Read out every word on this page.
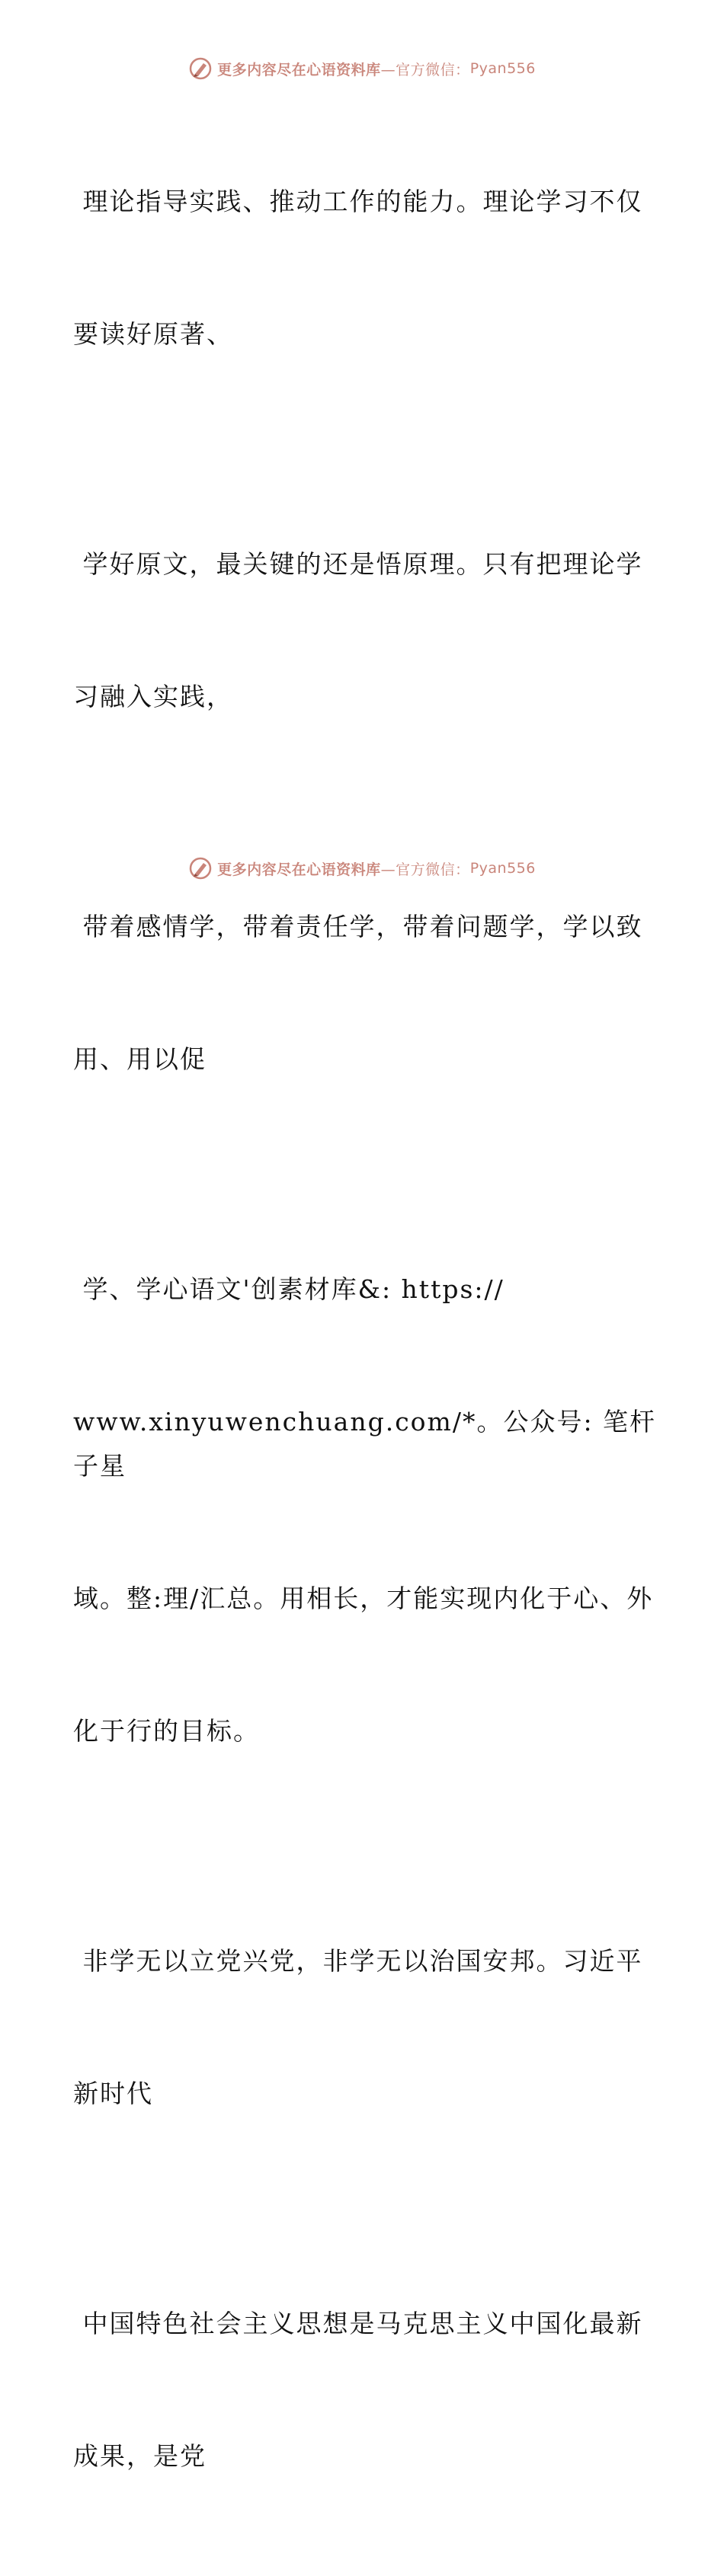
更多内容尽在心语资料库 —官方微信： Pyan556

理论指导实践、推动工作的能力。理论学习不仅

要读好原著、

学好原文，最关键的还是悟原理。只有把理论学

习融入实践，

带着感情学，带着责任学，带着问题学，学以致

用、用以促

学、学心语文'创素材库&: https://

www.xinyuwenchuang.com/*。公众号: 笔杆子星

域。整:理/汇总。用相长，才能实现内化于心、外

化于行的目标。

非学无以立党兴党，非学无以治国安邦。习近平

新时代

中国特色社会主义思想是马克思主义中国化最新

成果，是党

更多内容尽在心语资料库 —官方微信： Pyan556
